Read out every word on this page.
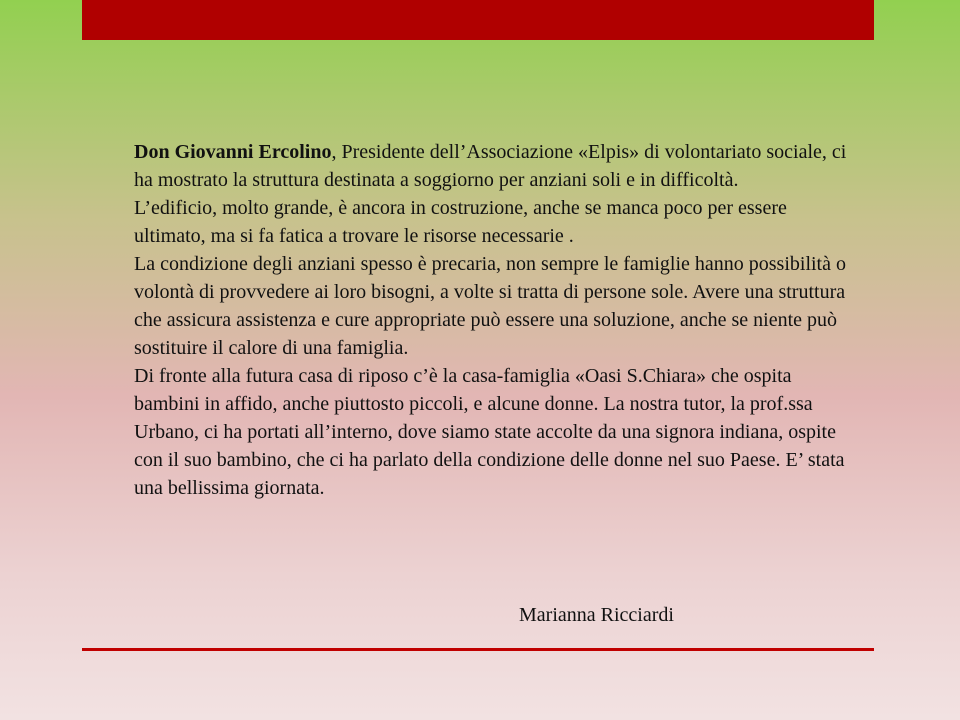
Don Giovanni Ercolino, Presidente dell’Associazione «Elpis» di volontariato sociale, ci ha mostrato la struttura destinata a soggiorno per anziani soli e in difficoltà.

L’edificio, molto grande, è ancora in costruzione, anche se manca poco per essere ultimato, ma si fa fatica a trovare le risorse necessarie .

La condizione degli anziani spesso è precaria, non sempre le famiglie hanno possibilità o volontà di provvedere ai loro bisogni, a volte si tratta di persone sole. Avere una struttura che assicura assistenza e cure appropriate può essere una soluzione, anche se niente può sostituire il calore di una famiglia.

Di fronte alla futura casa di riposo c’è la casa-famiglia «Oasi S.Chiara» che ospita bambini in affido, anche piuttosto piccoli, e alcune donne. La nostra tutor, la prof.ssa Urbano, ci ha portati all’interno, dove siamo state accolte da una signora indiana, ospite con il suo bambino, che ci ha parlato della condizione delle donne nel suo Paese. E’ stata una bellissima giornata.

Marianna Ricciardi
